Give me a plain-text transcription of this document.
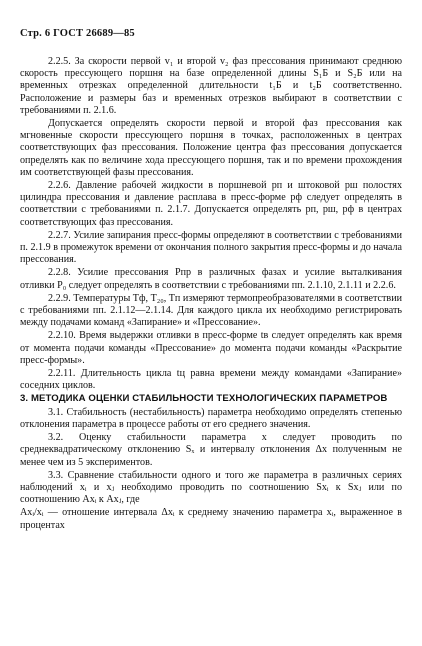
Стр. 6 ГОСТ 26689—85

2.2.5. За скорости первой v₁ и второй v₂ фаз прессования принимают среднюю скорость прессующего поршня на базе определенной длины S₁Б и S₂Б или на временных отрезках определенной длительности t₁Б и t₂Б соответственно. Расположение и размеры баз и временных отрезков выбирают в соответствии с требованиями п. 2.1.6.

Допускается определять скорости первой и второй фаз прессования как мгновенные скорости прессующего поршня в точках, расположенных в центрах соответствующих фаз прессования. Положение центра фаз прессования допускается определять как по величине хода прессующего поршня, так и по времени прохождения им соответствующей фазы прессования.

2.2.6. Давление рабочей жидкости в поршневой pп и штоковой pш полостях цилиндра прессования и давление расплава в пресс-форме pф следует определять в соответствии с требованиями п. 2.1.7. Допускается определять pп, pш, pф в центрах соответствующих фаз прессования.

2.2.7. Усилие запирания пресс-формы определяют в соответствии с требованиями п. 2.1.9 в промежуток времени от окончания полного закрытия пресс-формы и до начала прессования.

2.2.8. Усилие прессования Pпр в различных фазах и усилие выталкивания отливки P₀ следует определять в соответствии с требованиями пп. 2.1.10, 2.1.11 и 2.2.6.

2.2.9. Температуры Tф, T₂₀, Tп измеряют термопреобразователями в соответствии с требованиями пп. 2.1.12—2.1.14. Для каждого цикла их необходимо регистрировать между подачами команд «Запирание» и «Прессование».

2.2.10. Время выдержки отливки в пресс-форме tв следует определять как время от момента подачи команды «Прессование» до момента подачи команды «Раскрытие пресс-формы».

2.2.11. Длительность цикла tц равна времени между командами «Запирание» соседних циклов.

3. МЕТОДИКА ОЦЕНКИ СТАБИЛЬНОСТИ ТЕХНОЛОГИЧЕСКИХ ПАРАМЕТРОВ

3.1. Стабильность (нестабильность) параметра необходимо определять степенью отклонения параметра в процессе работы от его среднего значения.

3.2. Оценку стабильности параметра x следует проводить по среднеквадратическому отклонению Sₓ и интервалу отклонения Δx полученным не менее чем из 5 экспериментов.

3.3. Сравнение стабильности одного и того же параметра в различных сериях наблюдений xᵢ и xⱼ необходимо проводить по соотношению Sxᵢ к Sxⱼ или по соотношению Axᵢ к Axⱼ, где

Axᵢ/xᵢ — отношение интервала Δxᵢ к среднему значению параметра xᵢ, выраженное в процентах
